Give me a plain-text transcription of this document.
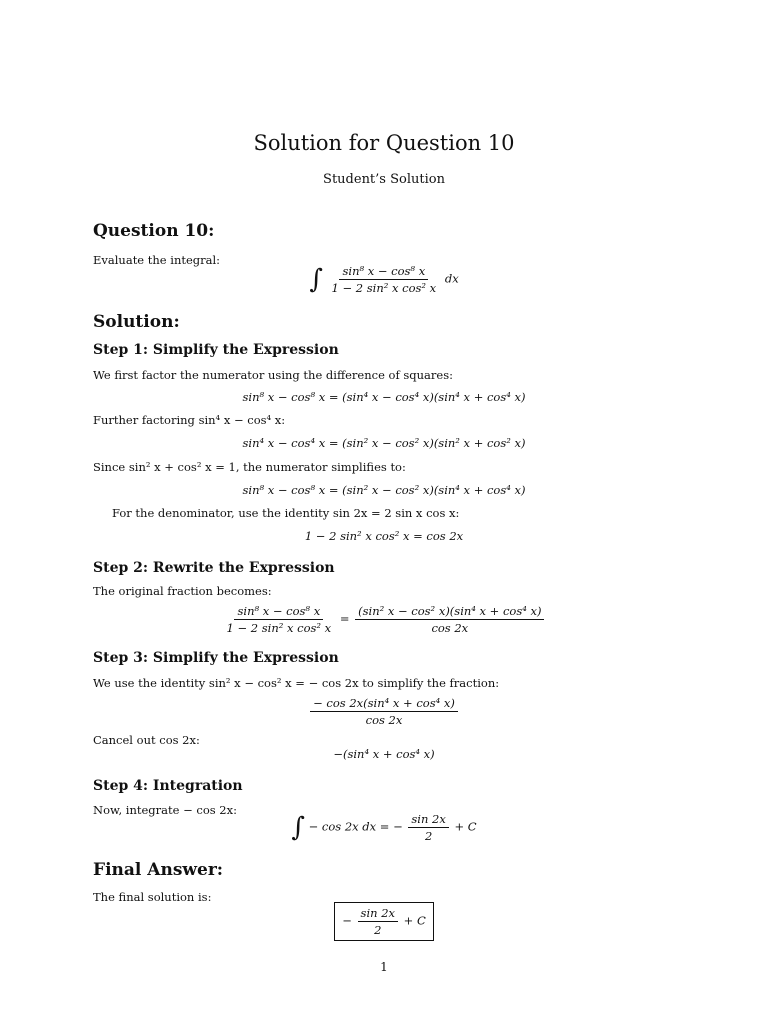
Solution for Question 10
Student’s Solution
Question 10:
Evaluate the integral:
∫ $\frac{\text{sin⁸ x − cos⁸ x}}{\text{1 − 2 sin² x cos² x}}$ dx
Solution:
Step 1: Simplify the Expression
We first factor the numerator using the difference of squares:
sin⁸ x − cos⁸ x = (sin⁴ x − cos⁴ x)(sin⁴ x + cos⁴ x)
Further factoring sin⁴ x − cos⁴ x:
sin⁴ x − cos⁴ x = (sin² x − cos² x)(sin² x + cos² x)
Since sin² x + cos² x = 1, the numerator simplifies to:
sin⁸ x − cos⁸ x = (sin² x − cos² x)(sin⁴ x + cos⁴ x)
For the denominator, use the identity sin 2x = 2 sin x cos x:
1 − 2 sin² x cos² x = cos 2x
Step 2: Rewrite the Expression
The original fraction becomes:
$\frac{\text{sin⁸ x − cos⁸ x}}{\text{1 − 2 sin² x cos² x}} = \frac{\text{(sin² x − cos² x)(sin⁴ x + cos⁴ x)}}{\cos 2x}$
Step 3: Simplify the Expression
We use the identity sin² x − cos² x = − cos 2x to simplify the fraction:
$\frac{\text{− cos 2x(sin⁴ x + cos⁴ x)}}{\cos 2x}$
Cancel out cos 2x:
−(sin⁴ x + cos⁴ x)
Step 4: Integration
Now, integrate − cos 2x:
∫ − cos 2x dx = − $\frac{\sin 2x}{2} + C$
Final Answer:
The final solution is:
− $\frac{\sin 2x}{2} + C$
1
